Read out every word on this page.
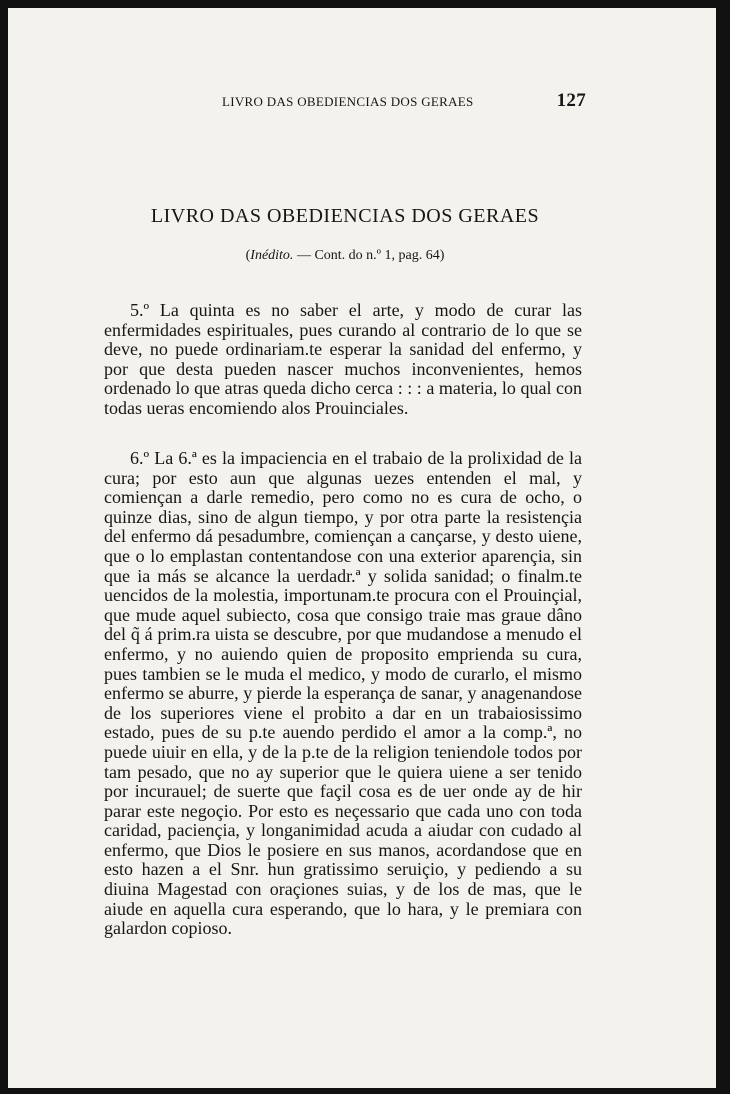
LIVRO DAS OBEDIENCIAS DOS GERAES	127
LIVRO DAS OBEDIENCIAS DOS GERAES
(Inédito. — Cont. do n.º 1, pag. 64)

5.º La quinta es no saber el arte, y modo de curar las enfermidades espirituales, pues curando al contrario de lo que se deve, no puede ordinariam.te esperar la sanidad del enfermo, y por que desta pueden nascer muchos inconvenientes, hemos ordenado lo que atras queda dicho cerca : : : a materia, lo qual con todas ueras encomiendo alos Prouinciales.

6.º La 6.ª es la impaciencia en el trabaio de la prolixidad de la cura; por esto aun que algunas uezes entenden el mal, y comiençan a darle remedio, pero como no es cura de ocho, o quinze dias, sino de algun tiempo, y por otra parte la resistençia del enfermo dá pesadumbre, comiençan a cançarse, y desto uiene, que o lo emplastan contentandose con una exterior aparençia, sin que ia más se alcance la uerdadr.ª y solida sanidad; o finalm.te uencidos de la molestia, importunam.te procura con el Prouinçial, que mude aquel subiecto, cosa que consigo traie mas graue dâno del q̃ á prim.ra uista se descubre, por que mudandose a menudo el enfermo, y no auiendo quien de proposito emprienda su cura, pues tambien se le muda el medico, y modo de curarlo, el mismo enfermo se aburre, y pierde la esperança de sanar, y anagenandose de los superiores viene el probito a dar en un trabaiosissimo estado, pues de su p.te auendo perdido el amor a la comp.ª, no puede uiuir en ella, y de la p.te de la religion teniendole todos por tam pesado, que no ay superior que le quiera uiene a ser tenido por incurauel; de suerte que façil cosa es de uer onde ay de hir parar este negoçio. Por esto es neçessario que cada uno con toda caridad, paciençia, y longanimidad acuda a aiudar con cudado al enfermo, que Dios le posiere en sus manos, acordandose que en esto hazen a el Snr. hun gratissimo seruiçio, y pediendo a su diuina Magestad con oraçiones suias, y de los de mas, que le aiude en aquella cura esperando, que lo hara, y le premiara con galardon copioso.
